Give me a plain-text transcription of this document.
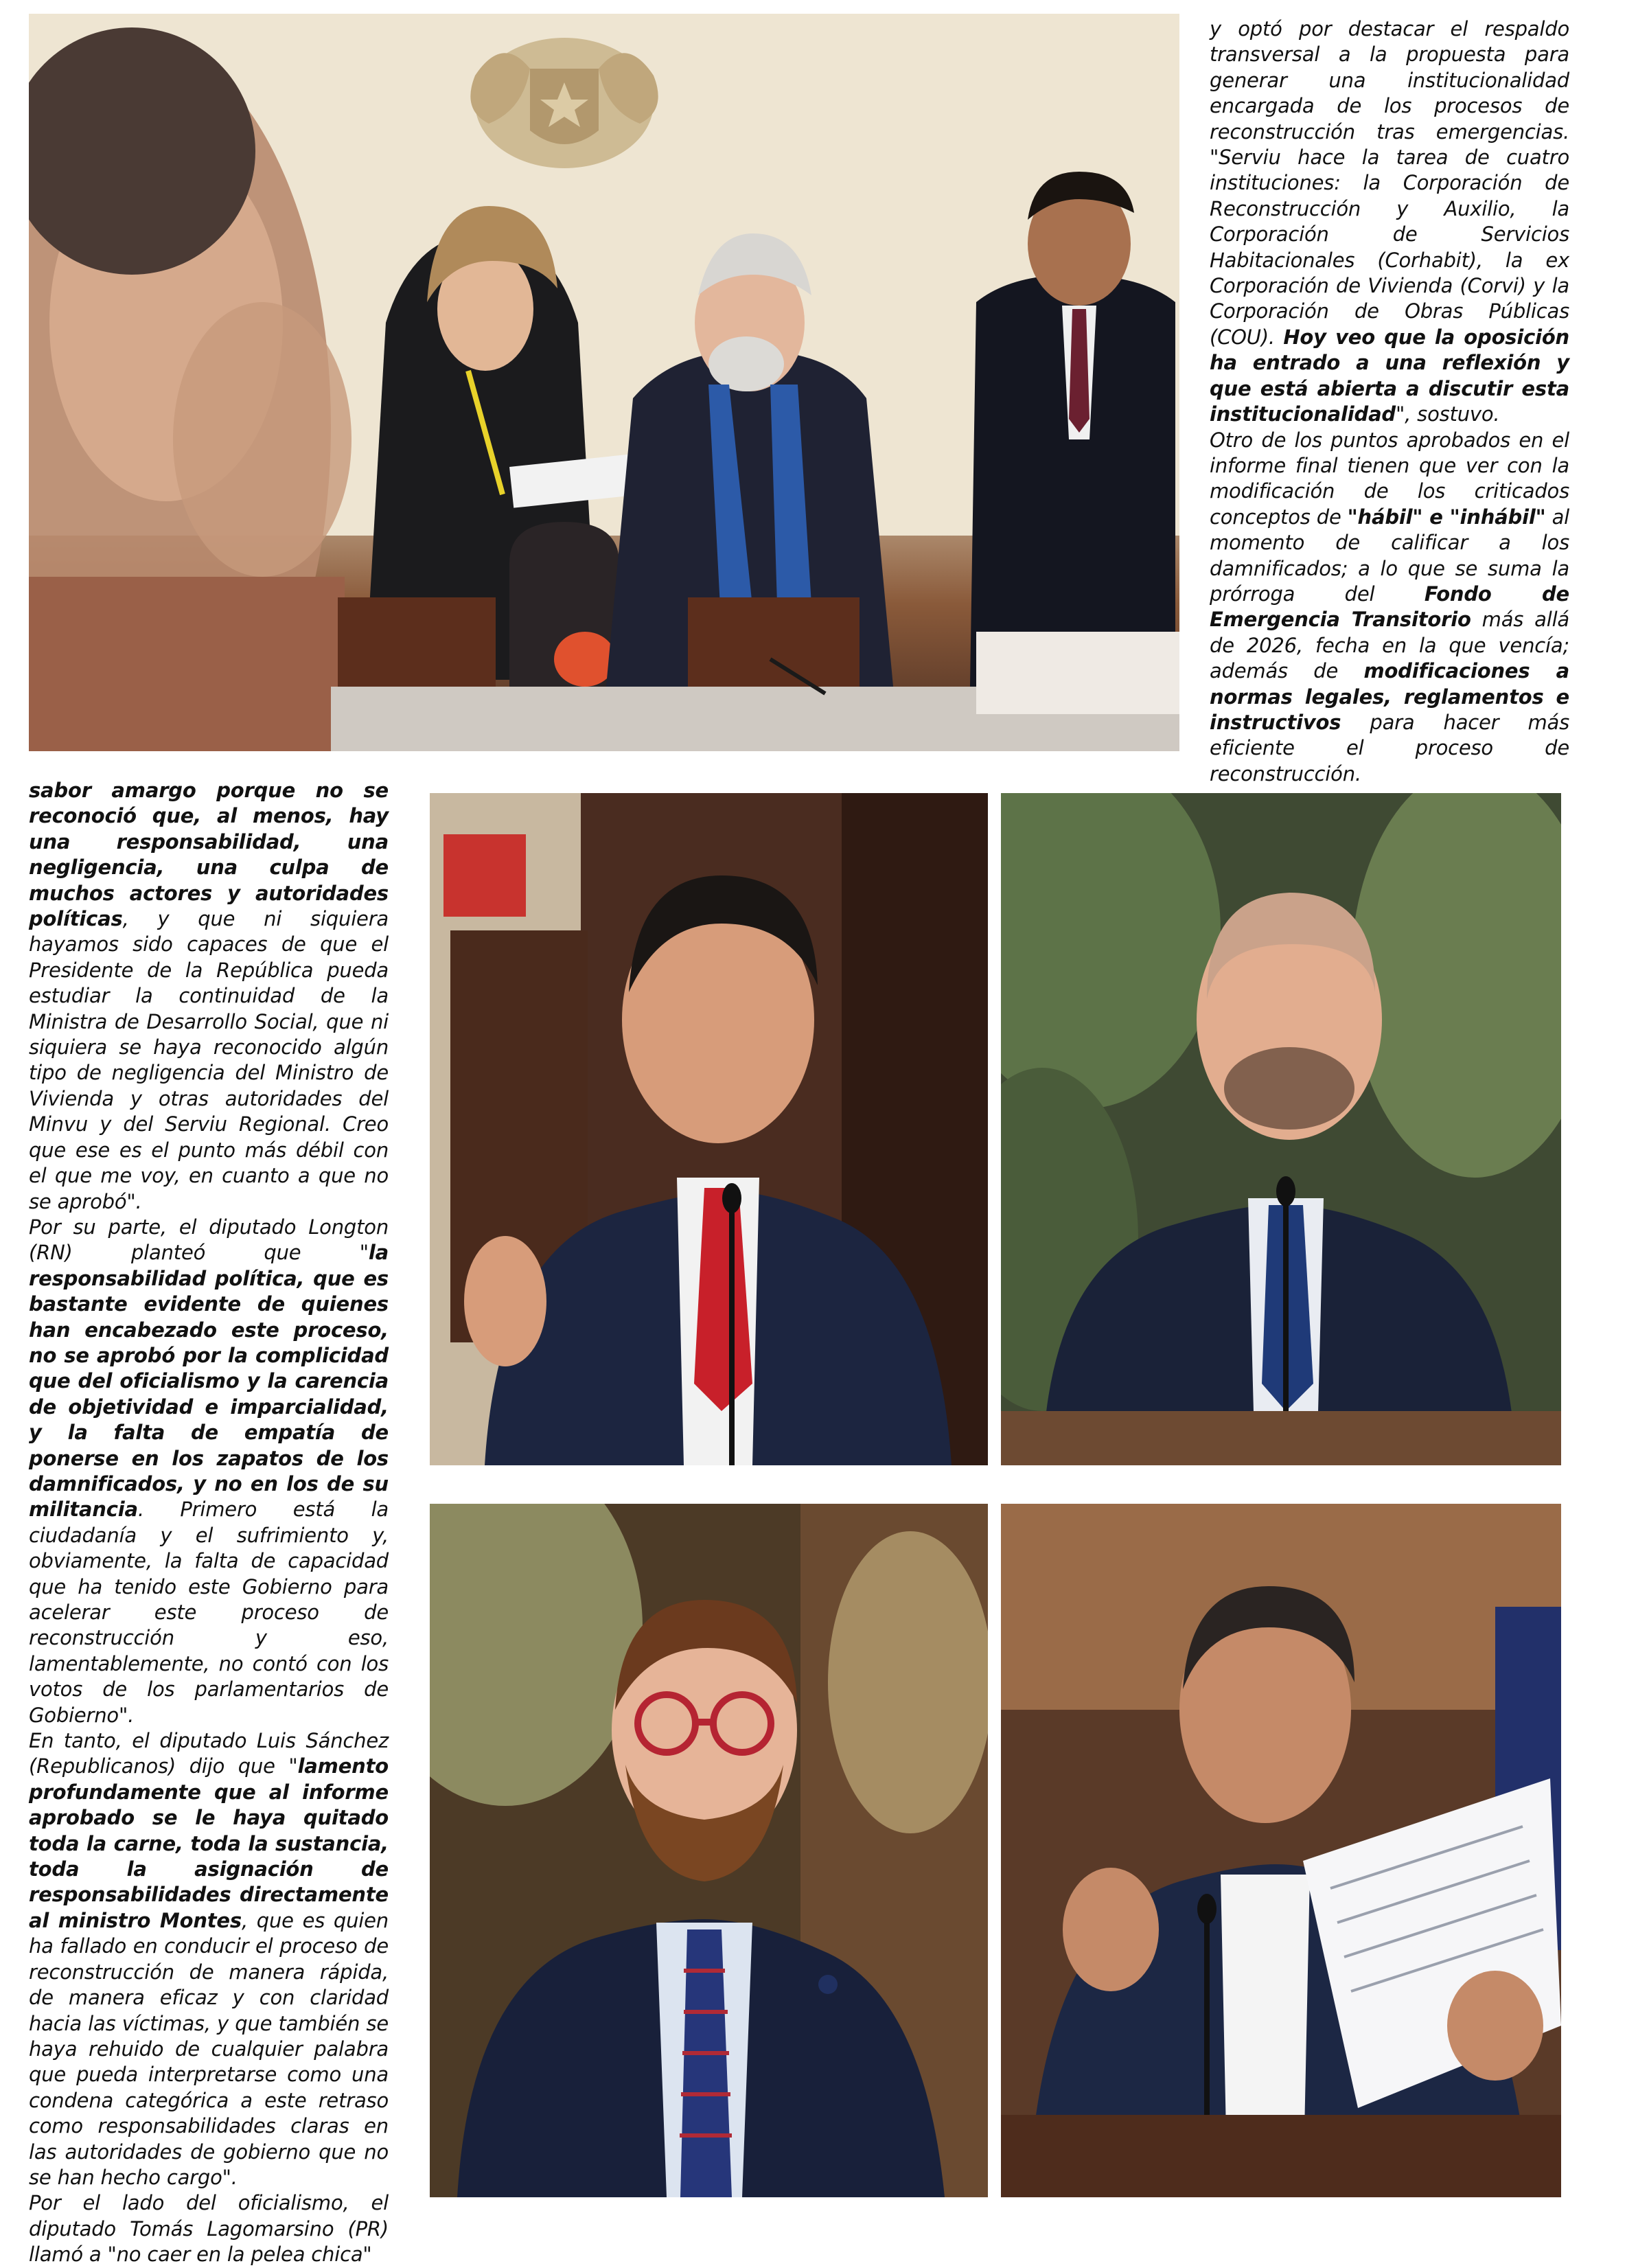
y optó por destacar el respaldo transversal a la propuesta para generar una institucionalidad encargada de los procesos de reconstrucción tras emergencias. "Serviu hace la tarea de cuatro instituciones: la Corporación de Reconstrucción y Auxilio, la Corporación de Servicios Habitacionales (Corhabit), la ex Corporación de Vivienda (Corvi) y la Corporación de Obras Públicas (COU). Hoy veo que la oposición ha entrado a una reflexión y que está abierta a discutir esta institucionalidad", sostuvo.
Otro de los puntos aprobados en el informe final tienen que ver con la modificación de los criticados conceptos de "hábil" e "inhábil" al momento de calificar a los damnificados; a lo que se suma la prórroga del Fondo de Emergencia Transitorio más allá de 2026, fecha en la que vencía; además de modificaciones a normas legales, reglamentos e instructivos para hacer más eficiente el proceso de reconstrucción.

sabor amargo porque no se reconoció que, al menos, hay una responsabilidad, una negligencia, una culpa de muchos actores y autoridades políticas, y que ni siquiera hayamos sido capaces de que el Presidente de la República pueda estudiar la continuidad de la Ministra de Desarrollo Social, que ni siquiera se haya reconocido algún tipo de negligencia del Ministro de Vivienda y otras autoridades del Minvu y del Serviu Regional. Creo que ese es el punto más débil con el que me voy, en cuanto a que no se aprobó".
Por su parte, el diputado Longton (RN) planteó que "la responsabilidad política, que es bastante evidente de quienes han encabezado este proceso, no se aprobó por la complicidad que del oficialismo y la carencia de objetividad e imparcialidad, y la falta de empatía de ponerse en los zapatos de los damnificados, y no en los de su militancia. Primero está la ciudadanía y el sufrimiento y, obviamente, la falta de capacidad que ha tenido este Gobierno para acelerar este proceso de reconstrucción y eso, lamentablemente, no contó con los votos de los parlamentarios de Gobierno".
En tanto, el diputado Luis Sánchez (Republicanos) dijo que "lamento profundamente que al informe aprobado se le haya quitado toda la carne, toda la sustancia, toda la asignación de responsabilidades directamente al ministro Montes, que es quien ha fallado en conducir el proceso de reconstrucción de manera rápida, de manera eficaz y con claridad hacia las víctimas, y que también se haya rehuido de cualquier palabra que pueda interpretarse como una condena categórica a este retraso como responsabilidades claras en las autoridades de gobierno que no se han hecho cargo".
Por el lado del oficialismo, el diputado Tomás Lagomarsino (PR) llamó a "no caer en la pelea chica"
